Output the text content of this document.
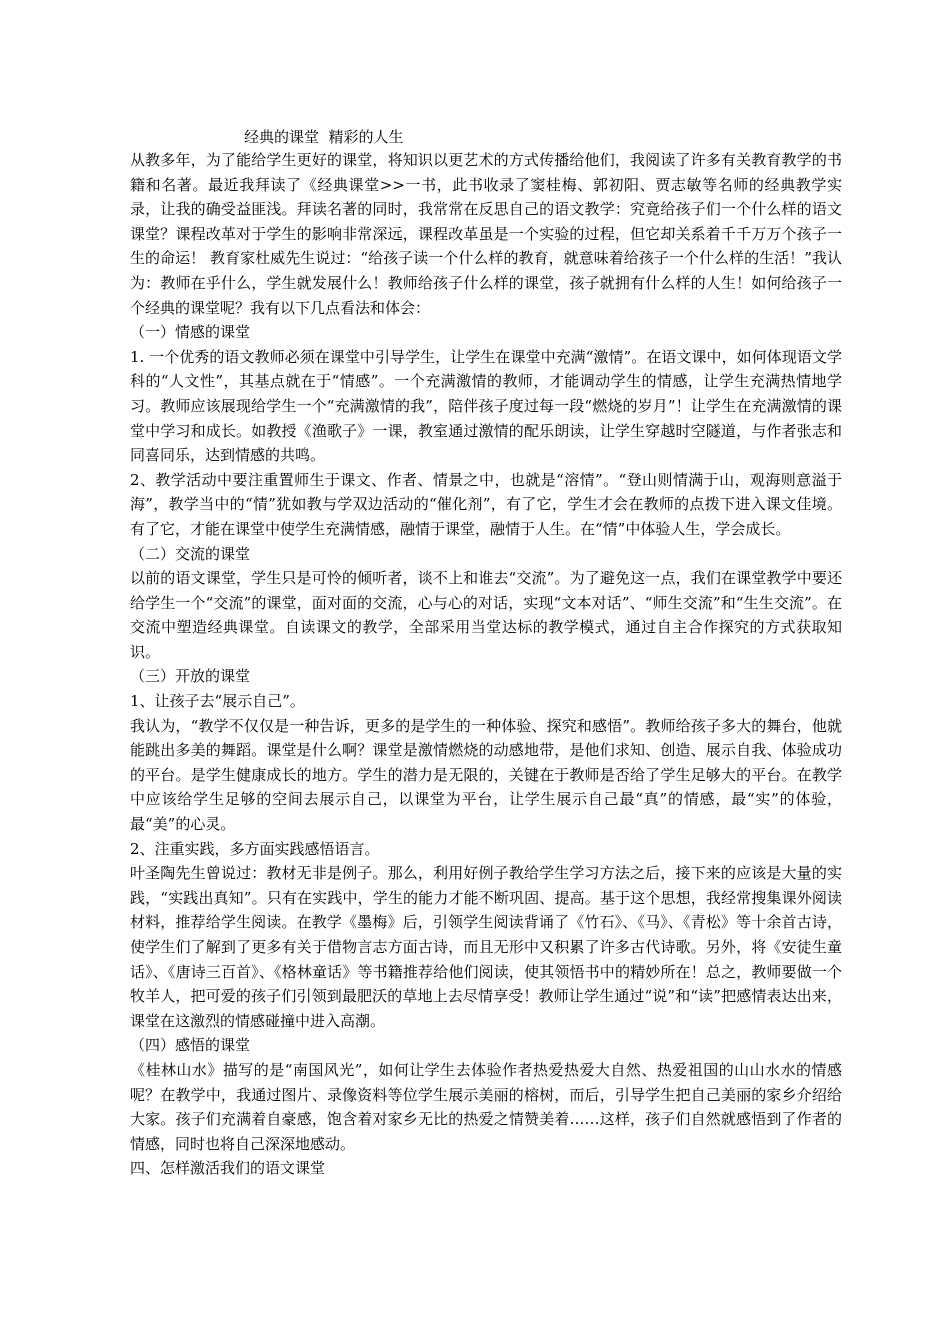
经典的课堂  精彩的人生

从教多年，为了能给学生更好的课堂，将知识以更艺术的方式传播给他们，我阅读了许多有关教育教学的书籍和名著。最近我拜读了《经典课堂>>一书，此书收录了窦桂梅、郭初阳、贾志敏等名师的经典教学实录，让我的确受益匪浅。拜读名著的同时，我常常在反思自己的语文教学：究竟给孩子们一个什么样的语文课堂？课程改革对于学生的影响非常深远，课程改革虽是一个实验的过程，但它却关系着千千万万个孩子一生的命运！ 教育家杜威先生说过：“给孩子读一个什么样的教育，就意味着给孩子一个什么样的生活！”我认为：教师在乎什么，学生就发展什么！教师给孩子什么样的课堂，孩子就拥有什么样的人生！如何给孩子一个经典的课堂呢？我有以下几点看法和体会：

（一）情感的课堂

1. 一个优秀的语文教师必须在课堂中引导学生，让学生在课堂中充满“激情”。在语文课中，如何体现语文学科的“人文性”，其基点就在于“情感”。一个充满激情的教师，才能调动学生的情感，让学生充满热情地学习。教师应该展现给学生一个“充满激情的我”，陪伴孩子度过每一段“燃烧的岁月”！让学生在充满激情的课堂中学习和成长。如教授《渔歌子》一课，教室通过激情的配乐朗读，让学生穿越时空隧道，与作者张志和同喜同乐，达到情感的共鸣。

2、教学活动中要注重置师生于课文、作者、情景之中，也就是“溶情”。“登山则情满于山，观海则意溢于海”，教学当中的“情”犹如教与学双边活动的“催化剂”，有了它，学生才会在教师的点拨下进入课文佳境。有了它，才能在课堂中使学生充满情感，融情于课堂，融情于人生。在“情”中体验人生，学会成长。

（二）交流的课堂

以前的语文课堂，学生只是可怜的倾听者，谈不上和谁去“交流”。为了避免这一点，我们在课堂教学中要还给学生一个“交流”的课堂，面对面的交流，心与心的对话，实现“文本对话”、“师生交流”和“生生交流”。在交流中塑造经典课堂。自读课文的教学，全部采用当堂达标的教学模式，通过自主合作探究的方式获取知识。

（三）开放的课堂

1、让孩子去“展示自己”。

我认为，“教学不仅仅是一种告诉，更多的是学生的一种体验、探究和感悟”。教师给孩子多大的舞台，他就能跳出多美的舞蹈。课堂是什么啊？课堂是激情燃烧的动感地带，是他们求知、创造、展示自我、体验成功的平台。是学生健康成长的地方。学生的潜力是无限的，关键在于教师是否给了学生足够大的平台。在教学中应该给学生足够的空间去展示自己，以课堂为平台，让学生展示自己最“真”的情感，最“实”的体验，最“美”的心灵。

2、注重实践，多方面实践感悟语言。

叶圣陶先生曾说过：教材无非是例子。那么，利用好例子教给学生学习方法之后，接下来的应该是大量的实践，“实践出真知”。只有在实践中，学生的能力才能不断巩固、提高。基于这个思想，我经常搜集课外阅读材料，推荐给学生阅读。在教学《墨梅》后，引领学生阅读背诵了《竹石》、《马》、《青松》等十余首古诗，使学生们了解到了更多有关于借物言志方面古诗，而且无形中又积累了许多古代诗歌。另外，将《安徒生童话》、《唐诗三百首》、《格林童话》等书籍推荐给他们阅读，使其领悟书中的精妙所在！总之，教师要做一个牧羊人，把可爱的孩子们引领到最肥沃的草地上去尽情享受！教师让学生通过“说”和“读”把感情表达出来，课堂在这激烈的情感碰撞中进入高潮。

（四）感悟的课堂

《桂林山水》描写的是“南国风光”，如何让学生去体验作者热爱热爱大自然、热爱祖国的山山水水的情感呢？在教学中，我通过图片、录像资料等位学生展示美丽的榕树，而后，引导学生把自己美丽的家乡介绍给大家。孩子们充满着自豪感，饱含着对家乡无比的热爱之情赞美着……这样，孩子们自然就感悟到了作者的情感，同时也将自己深深地感动。

四、怎样激活我们的语文课堂
